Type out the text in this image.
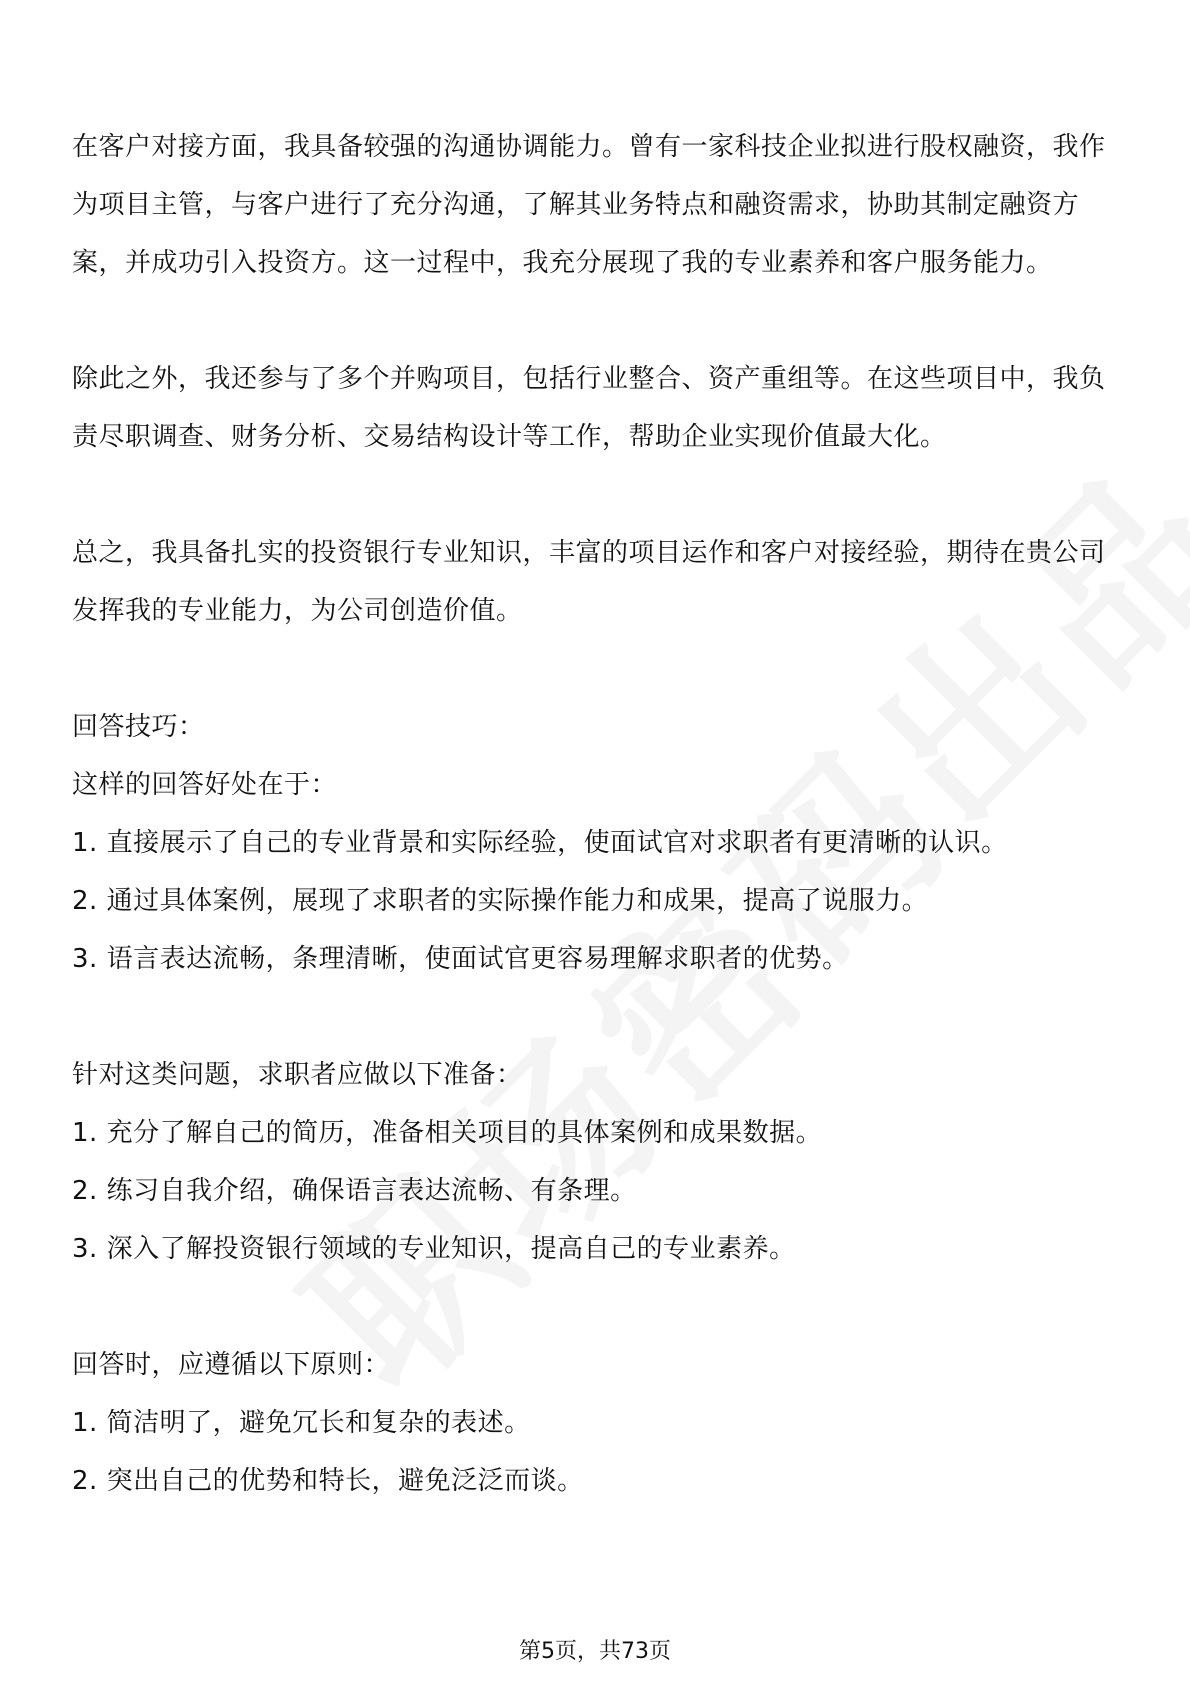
在客户对接方面，我具备较强的沟通协调能力。曾有一家科技企业拟进行股权融资，我作为项目主管，与客户进行了充分沟通，了解其业务特点和融资需求，协助其制定融资方案，并成功引入投资方。这一过程中，我充分展现了我的专业素养和客户服务能力。

除此之外，我还参与了多个并购项目，包括行业整合、资产重组等。在这些项目中，我负责尽职调查、财务分析、交易结构设计等工作，帮助企业实现价值最大化。

总之，我具备扎实的投资银行专业知识，丰富的项目运作和客户对接经验，期待在贵公司发挥我的专业能力，为公司创造价值。

回答技巧：

这样的回答好处在于：

1. 直接展示了自己的专业背景和实际经验，使面试官对求职者有更清晰的认识。

2. 通过具体案例，展现了求职者的实际操作能力和成果，提高了说服力。

3. 语言表达流畅，条理清晰，使面试官更容易理解求职者的优势。

针对这类问题，求职者应做以下准备：

1. 充分了解自己的简历，准备相关项目的具体案例和成果数据。

2. 练习自我介绍，确保语言表达流畅、有条理。

3. 深入了解投资银行领域的专业知识，提高自己的专业素养。

回答时，应遵循以下原则：

1. 简洁明了，避免冗长和复杂的表述。

2. 突出自己的优势和特长，避免泛泛而谈。

第5页，共73页
